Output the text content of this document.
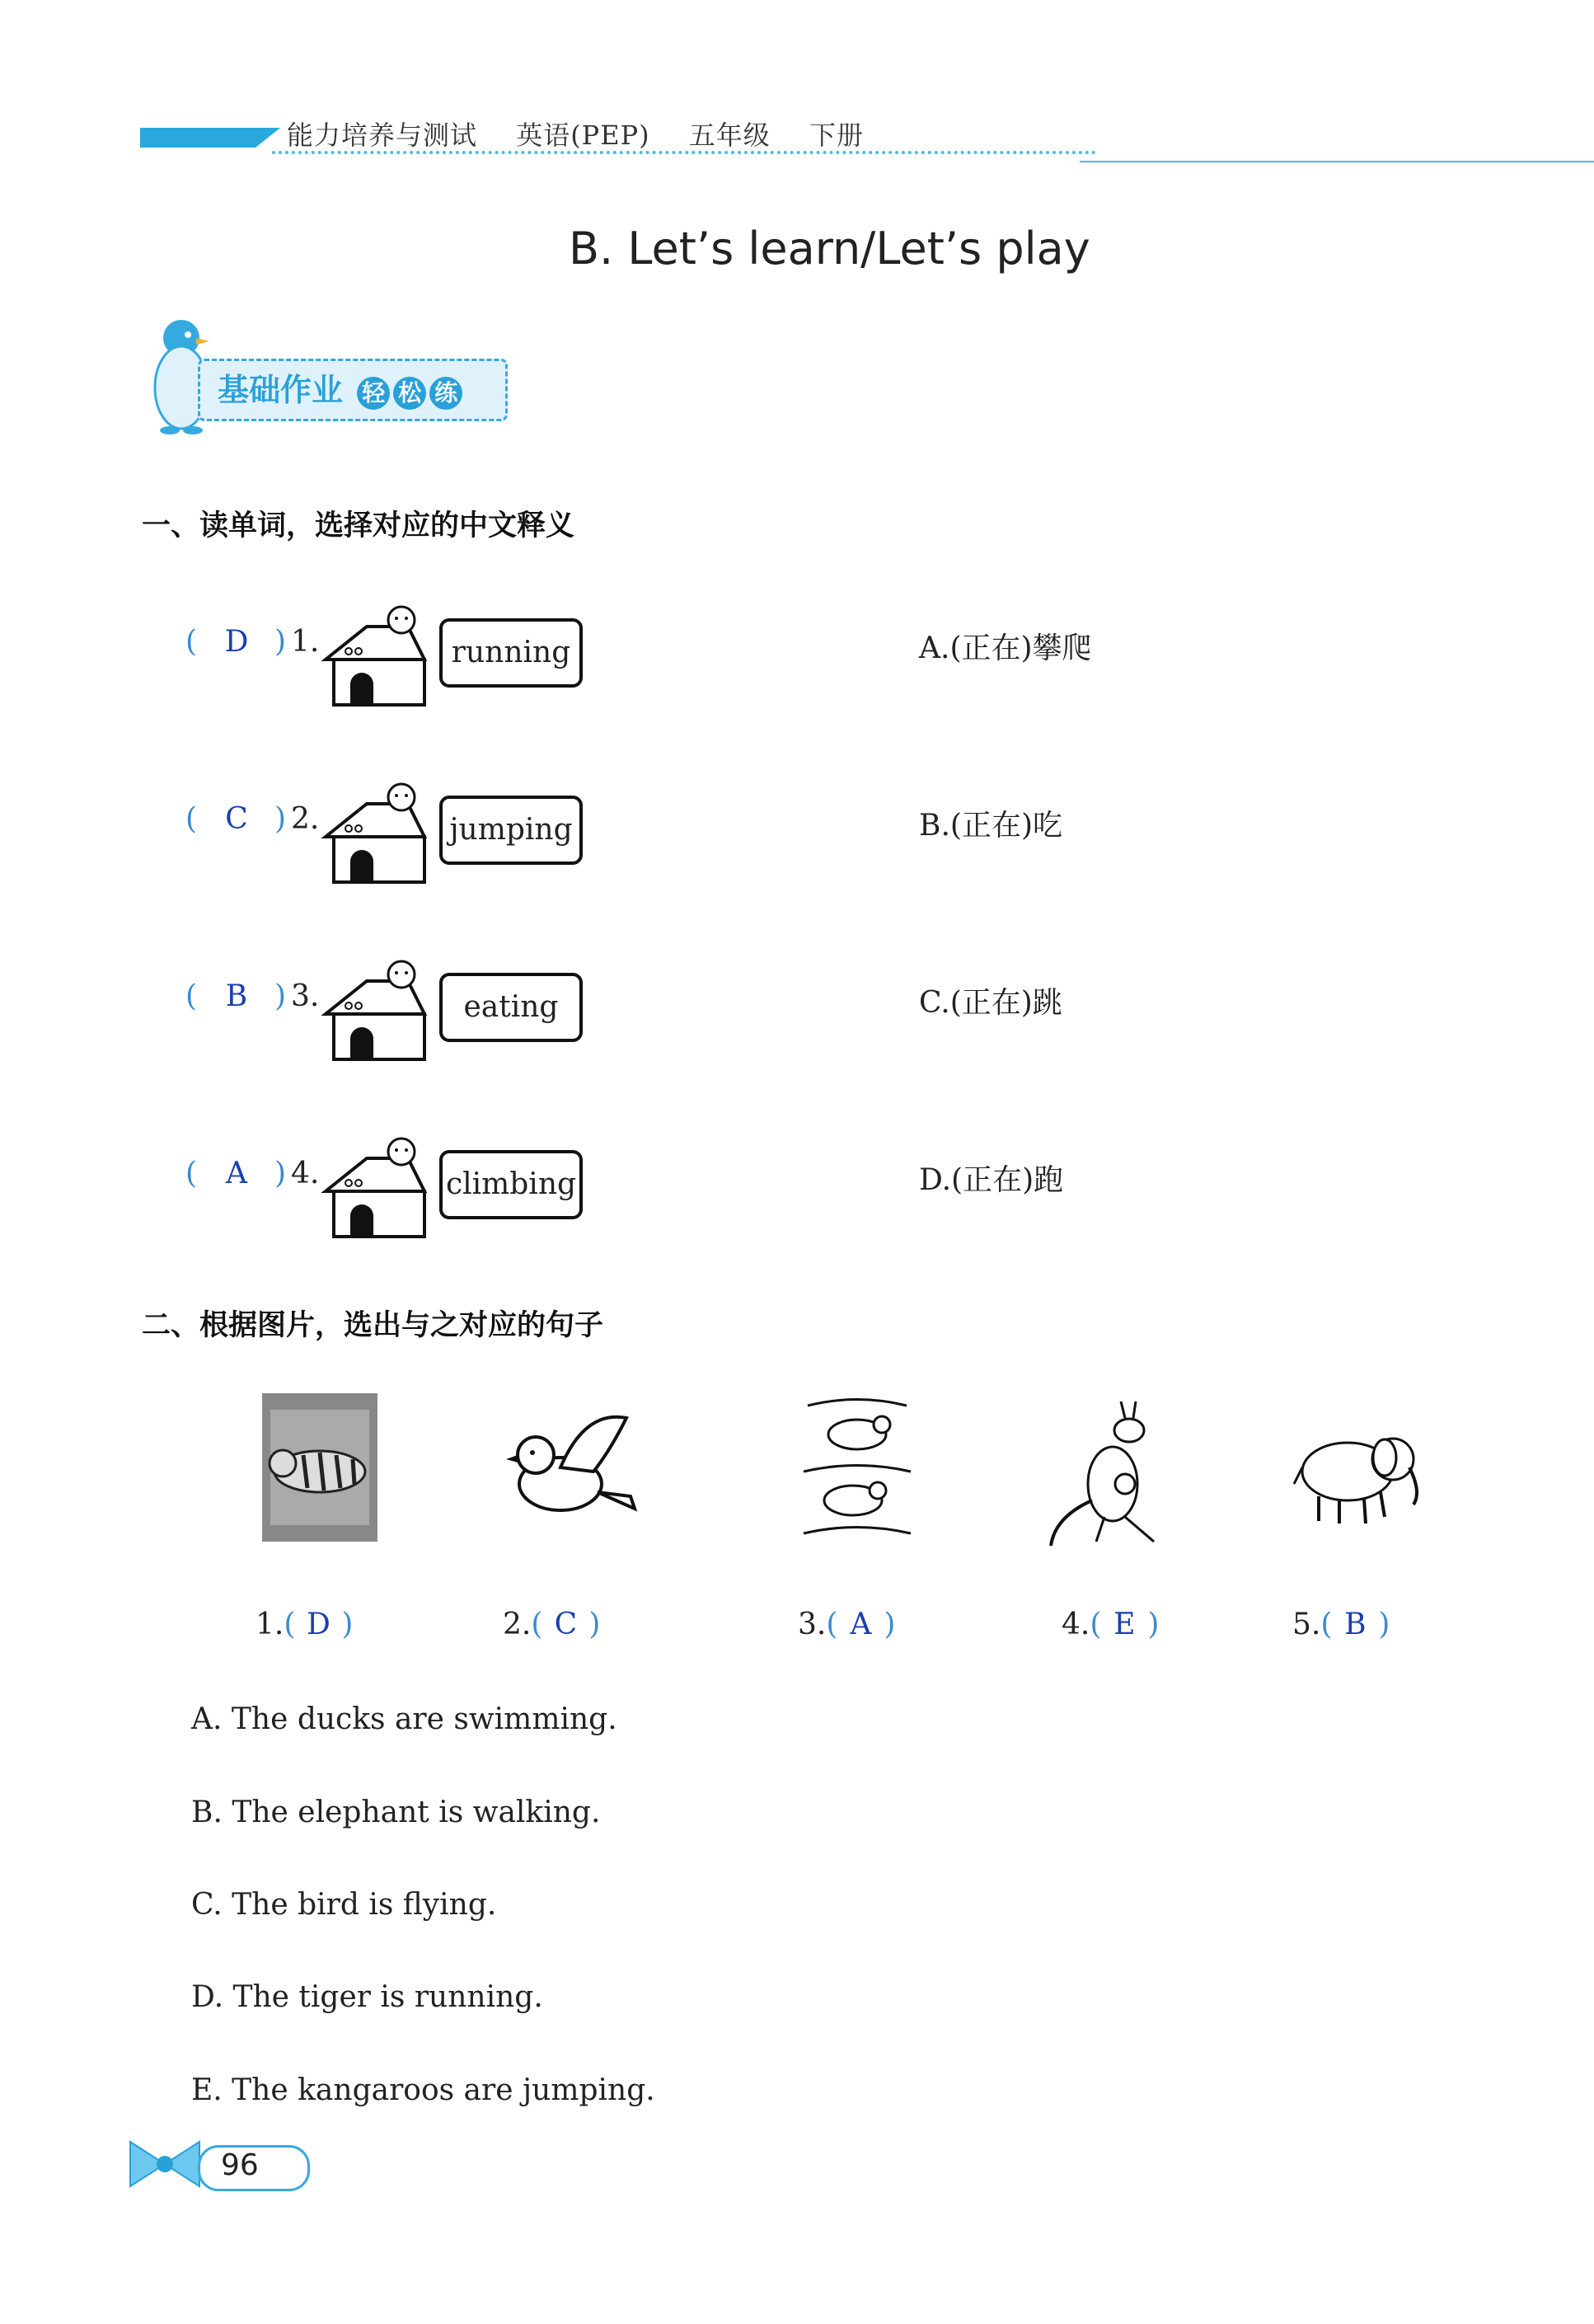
能力培养与测试 英语(PEP) 五年级 下册
B. Let’s learn/Let’s play
基础作业 轻 松 练
一、读单词，选择对应的中文释义
( D ) 1.	running	A.(正在)攀爬
( C ) 2.	jumping	B.(正在)吃
( B ) 3.	eating	C.(正在)跳
( A ) 4.	climbing	D.(正在)跑
二、根据图片，选出与之对应的句子
1.( D )	2.( C )	3.( A )	4.( E )	5.( B )
A. The ducks are swimming.
B. The elephant is walking.
C. The bird is flying.
D. The tiger is running.
E. The kangaroos are jumping.
96
